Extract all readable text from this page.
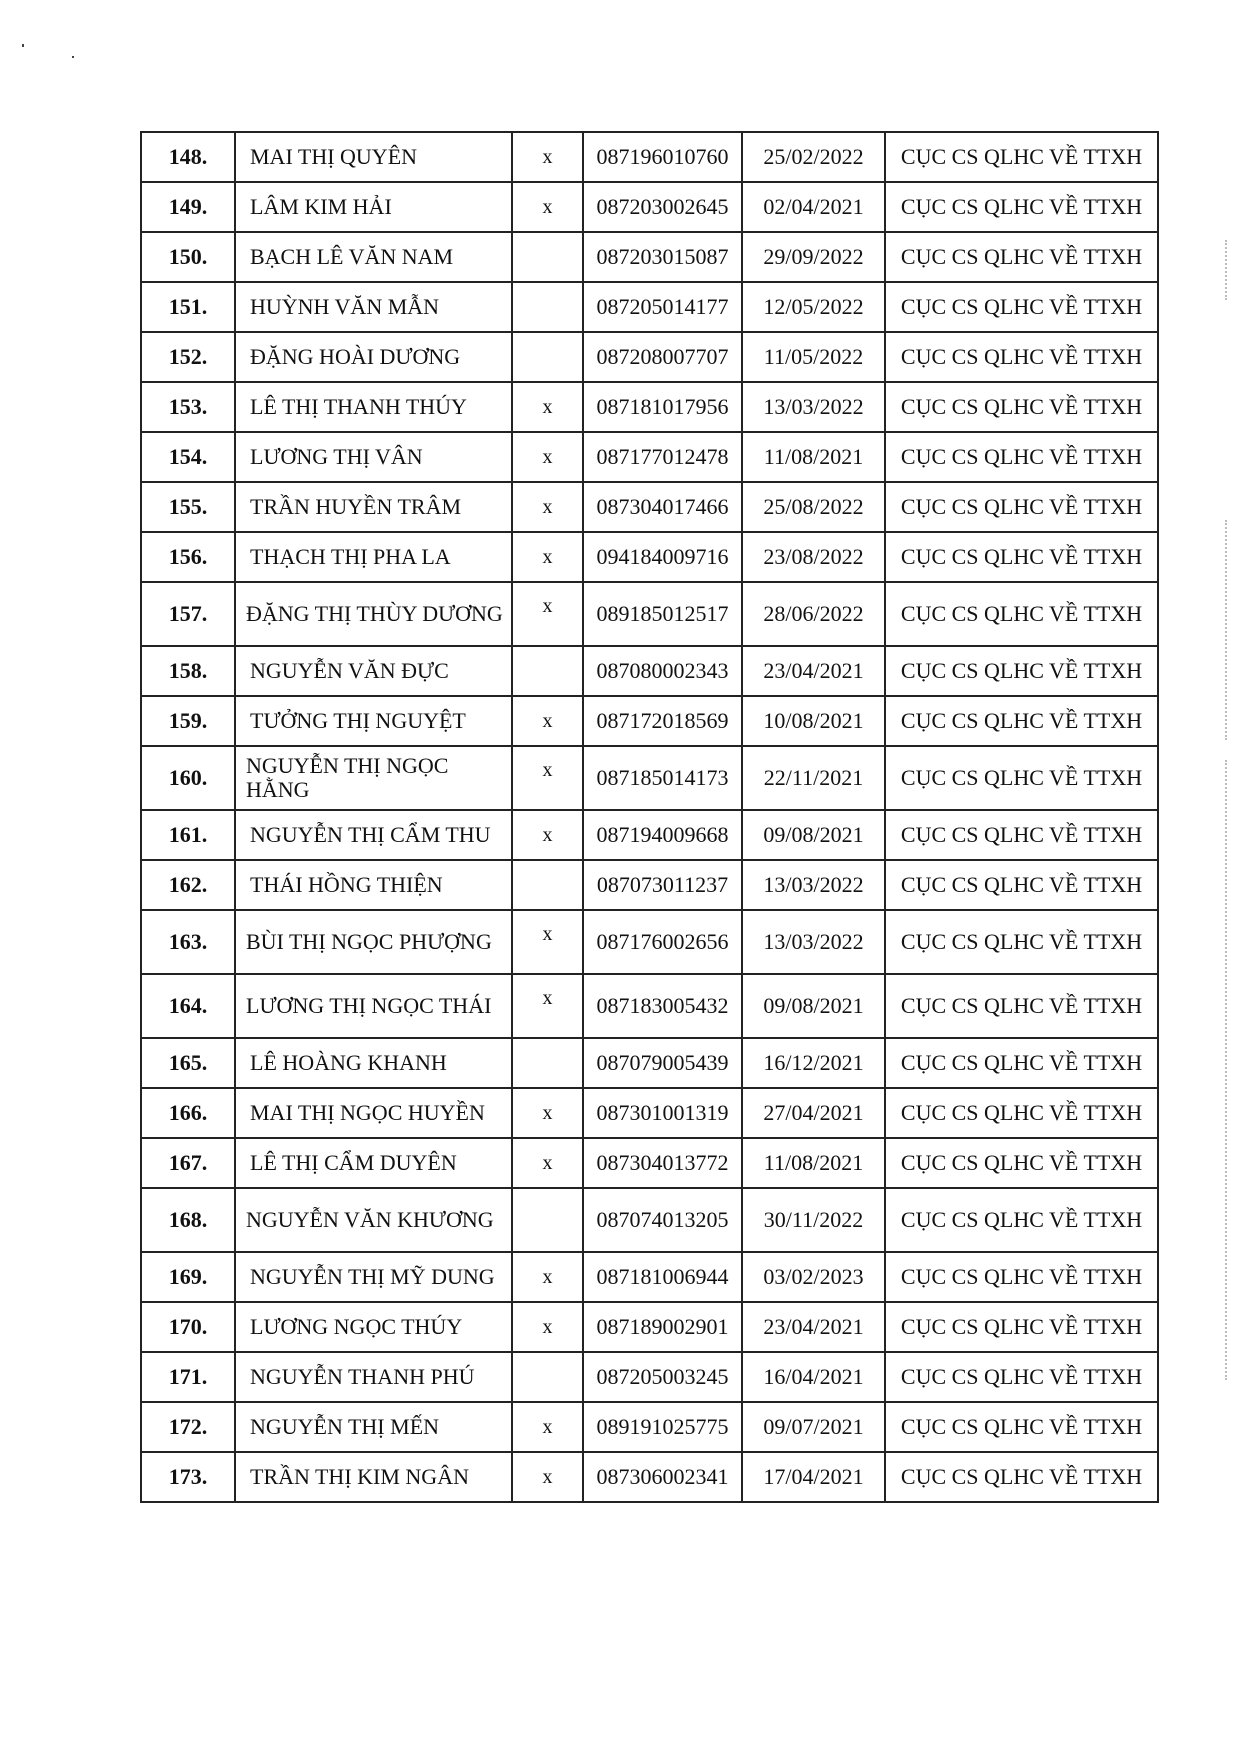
148.	MAI THỊ QUYÊN	x	087196010760	25/02/2022	CỤC CS QLHC VỀ TTXH
149.	LÂM KIM HẢI	x	087203002645	02/04/2021	CỤC CS QLHC VỀ TTXH
150.	BẠCH LÊ VĂN NAM		087203015087	29/09/2022	CỤC CS QLHC VỀ TTXH
151.	HUỲNH VĂN MẪN		087205014177	12/05/2022	CỤC CS QLHC VỀ TTXH
152.	ĐẶNG HOÀI DƯƠNG		087208007707	11/05/2022	CỤC CS QLHC VỀ TTXH
153.	LÊ THỊ THANH THÚY	x	087181017956	13/03/2022	CỤC CS QLHC VỀ TTXH
154.	LƯƠNG THỊ VÂN	x	087177012478	11/08/2021	CỤC CS QLHC VỀ TTXH
155.	TRẦN HUYỀN TRÂM	x	087304017466	25/08/2022	CỤC CS QLHC VỀ TTXH
156.	THẠCH THỊ PHA LA	x	094184009716	23/08/2022	CỤC CS QLHC VỀ TTXH
157.	ĐẶNG THỊ THÙY DƯƠNG	x	089185012517	28/06/2022	CỤC CS QLHC VỀ TTXH
158.	NGUYỄN VĂN ĐỰC		087080002343	23/04/2021	CỤC CS QLHC VỀ TTXH
159.	TƯỞNG THỊ NGUYỆT	x	087172018569	10/08/2021	CỤC CS QLHC VỀ TTXH
160.	NGUYỄN THỊ NGỌC HẰNG	x	087185014173	22/11/2021	CỤC CS QLHC VỀ TTXH
161.	NGUYỄN THỊ CẨM THU	x	087194009668	09/08/2021	CỤC CS QLHC VỀ TTXH
162.	THÁI HỒNG THIỆN		087073011237	13/03/2022	CỤC CS QLHC VỀ TTXH
163.	BÙI THỊ NGỌC PHƯỢNG	x	087176002656	13/03/2022	CỤC CS QLHC VỀ TTXH
164.	LƯƠNG THỊ NGỌC THÁI	x	087183005432	09/08/2021	CỤC CS QLHC VỀ TTXH
165.	LÊ HOÀNG KHANH		087079005439	16/12/2021	CỤC CS QLHC VỀ TTXH
166.	MAI THỊ NGỌC HUYỀN	x	087301001319	27/04/2021	CỤC CS QLHC VỀ TTXH
167.	LÊ THỊ CẨM DUYÊN	x	087304013772	11/08/2021	CỤC CS QLHC VỀ TTXH
168.	NGUYỄN VĂN KHƯƠNG		087074013205	30/11/2022	CỤC CS QLHC VỀ TTXH
169.	NGUYỄN THỊ MỸ DUNG	x	087181006944	03/02/2023	CỤC CS QLHC VỀ TTXH
170.	LƯƠNG NGỌC THÚY	x	087189002901	23/04/2021	CỤC CS QLHC VỀ TTXH
171.	NGUYỄN THANH PHÚ		087205003245	16/04/2021	CỤC CS QLHC VỀ TTXH
172.	NGUYỄN THỊ MẾN	x	089191025775	09/07/2021	CỤC CS QLHC VỀ TTXH
173.	TRẦN THỊ KIM NGÂN	x	087306002341	17/04/2021	CỤC CS QLHC VỀ TTXH
